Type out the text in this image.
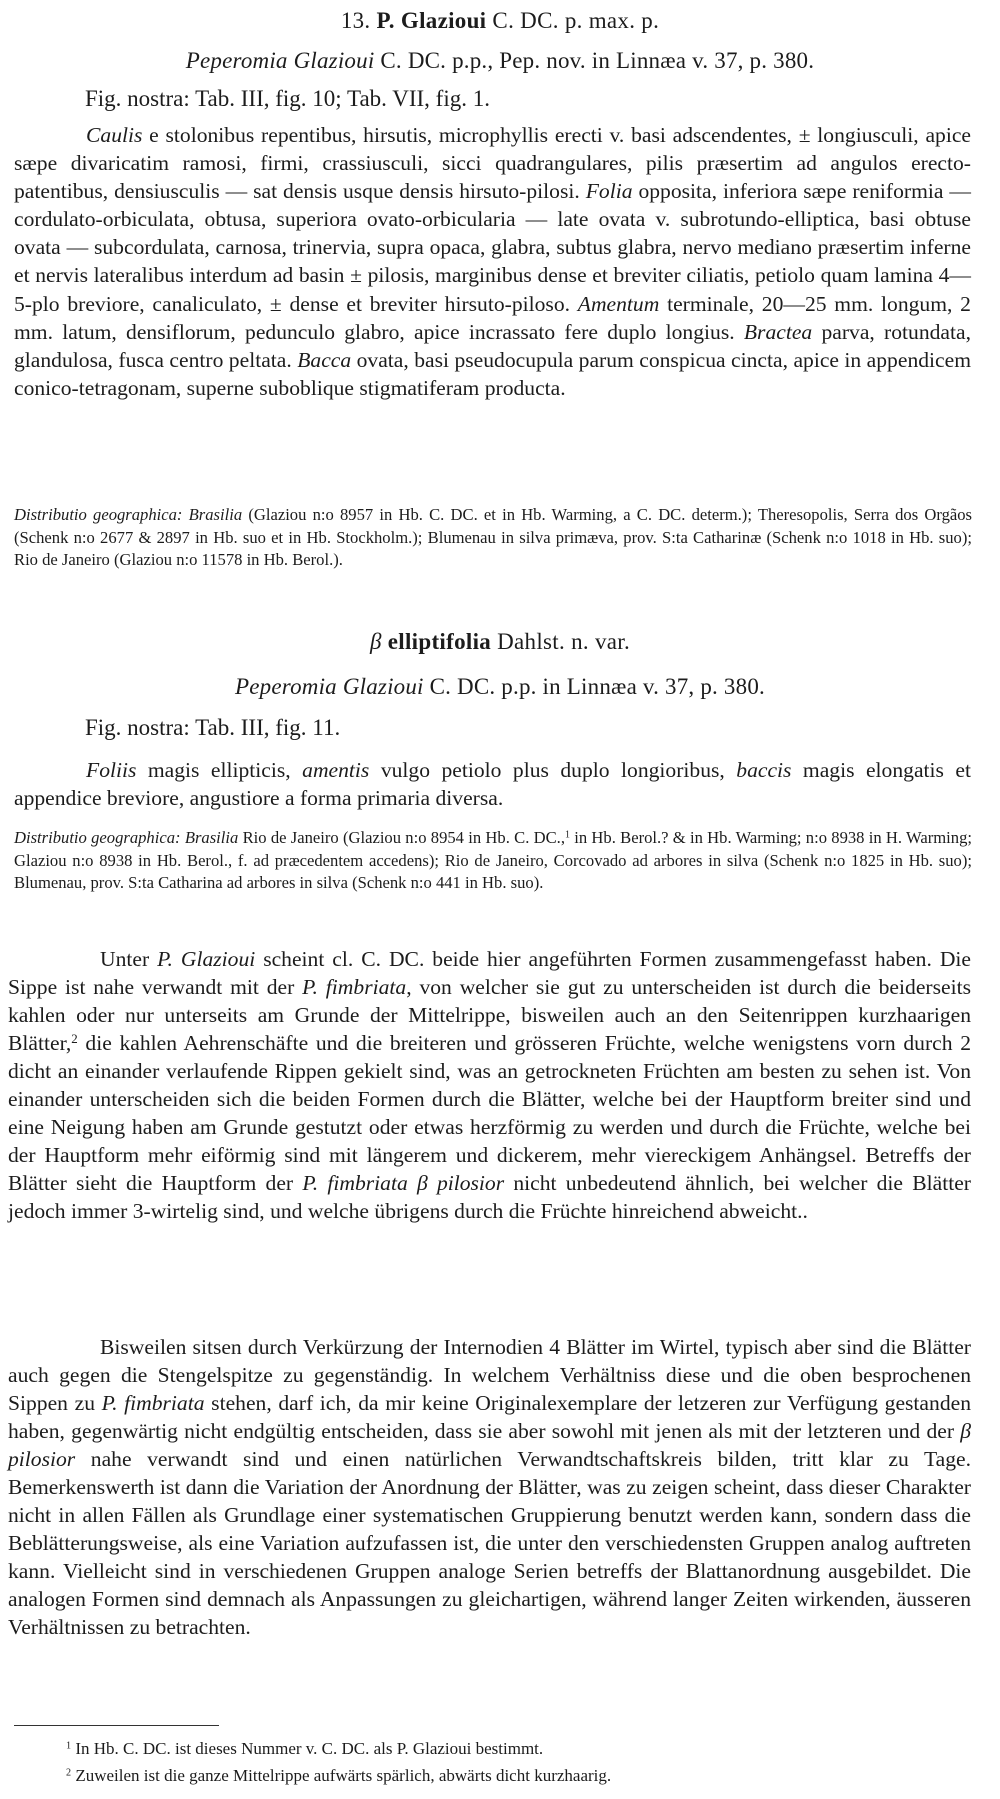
13. P. Glazioui C. DC. p. max. p.
Peperomia Glazioui C. DC. p.p., Pep. nov. in Linnæa v. 37, p. 380.
Fig. nostra: Tab. III, fig. 10; Tab. VII, fig. 1.

Caulis e stolonibus repentibus, hirsutis, microphyllis erecti v. basi adscendentes, ± longiusculi, apice sæpe divaricatim ramosi, firmi, crassiusculi, sicci quadrangulares, pilis præsertim ad angulos erecto-patentibus, densiusculis — sat densis usque densis hirsuto-pilosi. Folia opposita, inferiora sæpe reniformia — cordulato-orbiculata, obtusa, superiora ovato-orbicularia — late ovata v. subrotundo-elliptica, basi obtuse ovata — subcordulata, carnosa, trinervia, supra opaca, glabra, subtus glabra, nervo mediano præsertim inferne et nervis lateralibus interdum ad basin ± pilosis, marginibus dense et breviter ciliatis, petiolo quam lamina 4—5-plo breviore, canaliculato, ± dense et breviter hirsuto-piloso. Amentum terminale, 20—25 mm. longum, 2 mm. latum, densiflorum, pedunculo glabro, apice incrassato fere duplo longius. Bractea parva, rotundata, glandulosa, fusca centro peltata. Bacca ovata, basi pseudocupula parum conspicua cincta, apice in appendicem conico-tetragonam, superne suboblique stigmatiferam producta.

Distributio geographica: Brasilia (Glaziou n:o 8957 in Hb. C. DC. et in Hb. Warming, a C. DC. determ.); Theresopolis, Serra dos Orgãos (Schenk n:o 2677 & 2897 in Hb. suo et in Hb. Stockholm.); Blumenau in silva primæva, prov. S:ta Catharinæ (Schenk n:o 1018 in Hb. suo); Rio de Janeiro (Glaziou n:o 11578 in Hb. Berol.).

β elliptifolia Dahlst. n. var.
Peperomia Glazioui C. DC. p.p. in Linnæa v. 37, p. 380.
Fig. nostra: Tab. III, fig. 11.

Foliis magis ellipticis, amentis vulgo petiolo plus duplo longioribus, baccis magis elongatis et appendice breviore, angustiore a forma primaria diversa.

Distributio geographica: Brasilia Rio de Janeiro (Glaziou n:o 8954 in Hb. C. DC.,$^1$ in Hb. Berol.? & in Hb. Warming; n:o 8938 in H. Warming; Glaziou n:o 8938 in Hb. Berol., f. ad præcedentem accedens); Rio de Janeiro, Corcovado ad arbores in silva (Schenk n:o 1825 in Hb. suo); Blumenau, prov. S:ta Catharina ad arbores in silva (Schenk n:o 441 in Hb. suo).

Unter P. Glazioui scheint cl. C. DC. beide hier angeführten Formen zusammengefasst haben. Die Sippe ist nahe verwandt mit der P. fimbriata, von welcher sie gut zu unterscheiden ist durch die beiderseits kahlen oder nur unterseits am Grunde der Mittelrippe, bisweilen auch an den Seitenrippen kurzhaarigen Blätter,$^2$ die kahlen Aehrenschäfte und die breiteren und grösseren Früchte, welche wenigstens vorn durch 2 dicht an einander verlaufende Rippen gekielt sind, was an getrockneten Früchten am besten zu sehen ist. Von einander unterscheiden sich die beiden Formen durch die Blätter, welche bei der Hauptform breiter sind und eine Neigung haben am Grunde gestutzt oder etwas herzförmig zu werden und durch die Früchte, welche bei der Hauptform mehr eiförmig sind mit längerem und dickerem, mehr viereckigem Anhängsel. Betreffs der Blätter sieht die Hauptform der P. fimbriata β pilosior nicht unbedeutend ähnlich, bei welcher die Blätter jedoch immer 3-wirtelig sind, und welche übrigens durch die Früchte hinreichend abweicht..

Bisweilen sitsen durch Verkürzung der Internodien 4 Blätter im Wirtel, typisch aber sind die Blätter auch gegen die Stengelspitze zu gegenständig. In welchem Verhältniss diese und die oben besprochenen Sippen zu P. fimbriata stehen, darf ich, da mir keine Originalexemplare der letzeren zur Verfügung gestanden haben, gegenwärtig nicht endgültig entscheiden, dass sie aber sowohl mit jenen als mit der letzteren und der β pilosior nahe verwandt sind und einen natürlichen Verwandtschaftskreis bilden, tritt klar zu Tage. Bemerkenswerth ist dann die Variation der Anordnung der Blätter, was zu zeigen scheint, dass dieser Charakter nicht in allen Fällen als Grundlage einer systematischen Gruppierung benutzt werden kann, sondern dass die Beblätterungsweise, als eine Variation aufzufassen ist, die unter den verschiedensten Gruppen analog auftreten kann. Vielleicht sind in verschiedenen Gruppen analoge Serien betreffs der Blattanordnung ausgebildet. Die analogen Formen sind demnach als Anpassungen zu gleichartigen, während langer Zeiten wirkenden, äusseren Verhältnissen zu betrachten.

$^1$ In Hb. C. DC. ist dieses Nummer v. C. DC. als P. Glazioui bestimmt.
$^2$ Zuweilen ist die ganze Mittelrippe aufwärts spärlich, abwärts dicht kurzhaarig.
